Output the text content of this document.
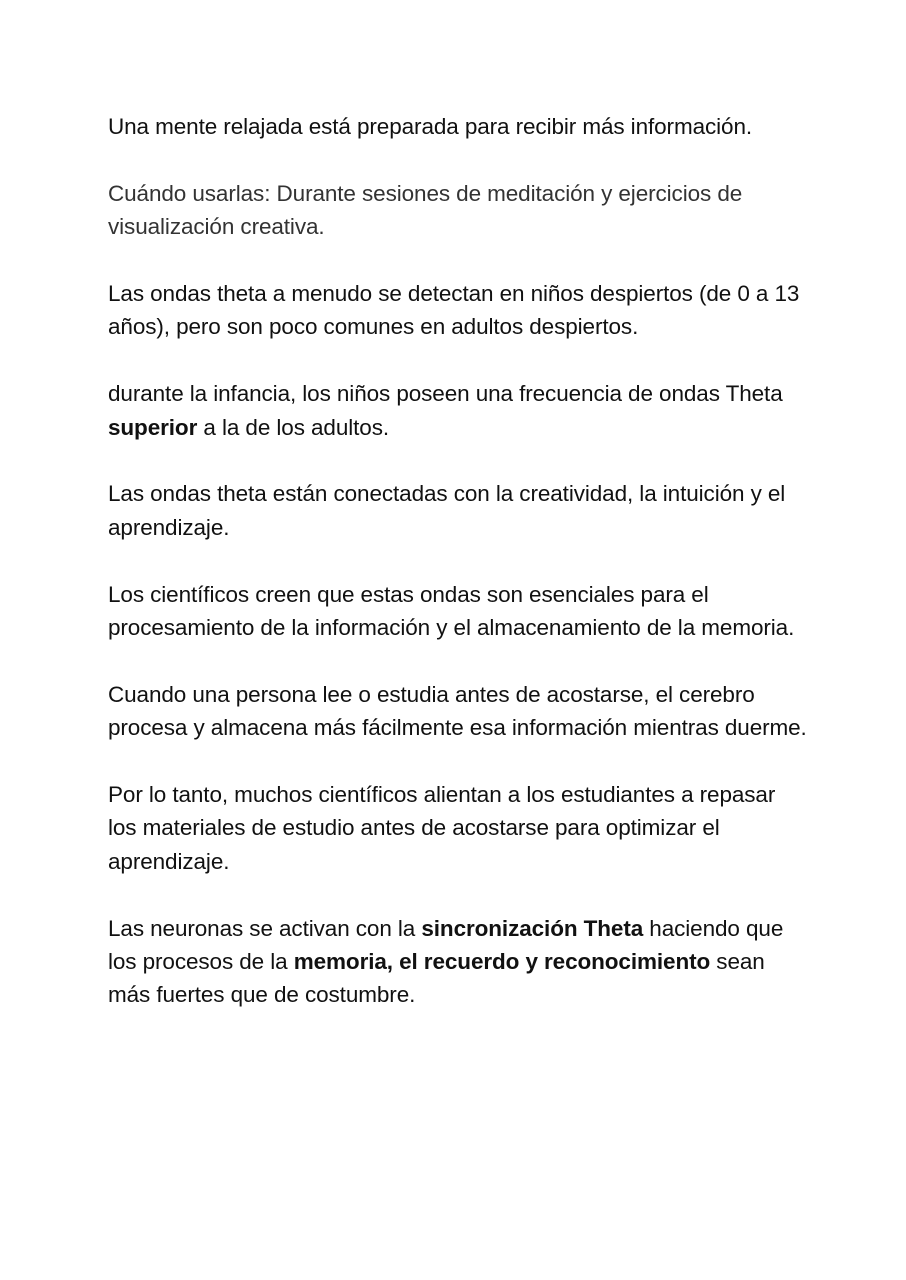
Una mente relajada está preparada para recibir más información.

Cuándo usarlas: Durante sesiones de meditación y ejercicios de visualización creativa.

Las ondas theta a menudo se detectan en niños despiertos (de 0 a 13 años), pero son poco comunes en adultos despiertos.

durante la infancia, los niños poseen una frecuencia de ondas Theta superior a la de los adultos.

Las ondas theta están conectadas con la creatividad, la intuición y el aprendizaje.

Los científicos creen que estas ondas son esenciales para el procesamiento de la información y el almacenamiento de la memoria.

Cuando una persona lee o estudia antes de acostarse, el cerebro procesa y almacena más fácilmente esa información mientras duerme.

Por lo tanto, muchos científicos alientan a los estudiantes a repasar los materiales de estudio antes de acostarse para optimizar el aprendizaje.

Las neuronas se activan con la sincronización Theta haciendo que los procesos de la memoria, el recuerdo y reconocimiento sean más fuertes que de costumbre.
